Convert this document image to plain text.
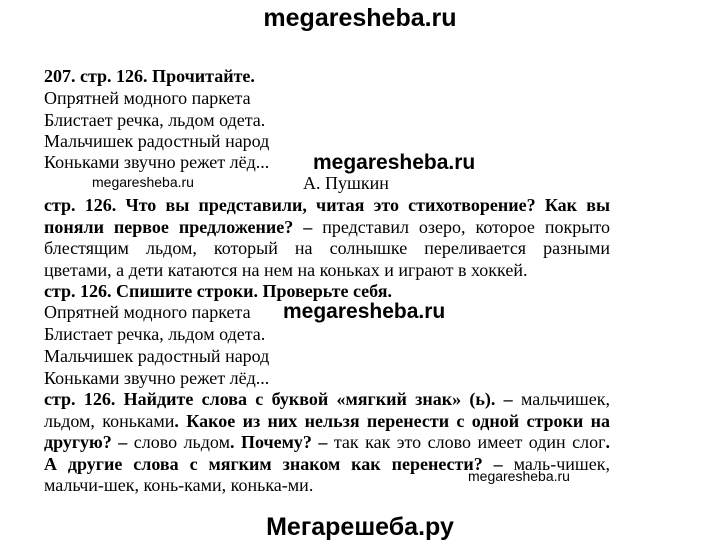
megaresheba.ru
207. стр. 126. Прочитайте.
Опрятней модного паркета
Блистает речка, льдом одета.
Мальчишек радостный народ
Коньками звучно режет лёд... megaresheba.ru
megaresheba.ru	А. Пушкин
стр. 126. Что вы представили, читая это стихотворение? Как вы
поняли первое предложение? – представил озеро, которое покрыто
блестящим льдом, который на солнышке переливается разными
цветами, а дети катаются на нем на коньках и играют в хоккей.
стр. 126. Спишите строки. Проверьте себя.
Опрятней модного паркета megaresheba.ru
Блистает речка, льдом одета.
Мальчишек радостный народ
Коньками звучно режет лёд...
стр. 126. Найдите слова с буквой «мягкий знак» (ь). – мальчишек,
льдом, коньками. Какое из них нельзя перенести с одной строки на
другую? – слово льдом. Почему? – так как это слово имеет один слог.
А другие слова с мягким знаком как перенести? – маль-чишек,
мальчи-шек, конь-ками, конька-ми.	megaresheba.ru
Мегарешеба.ру
